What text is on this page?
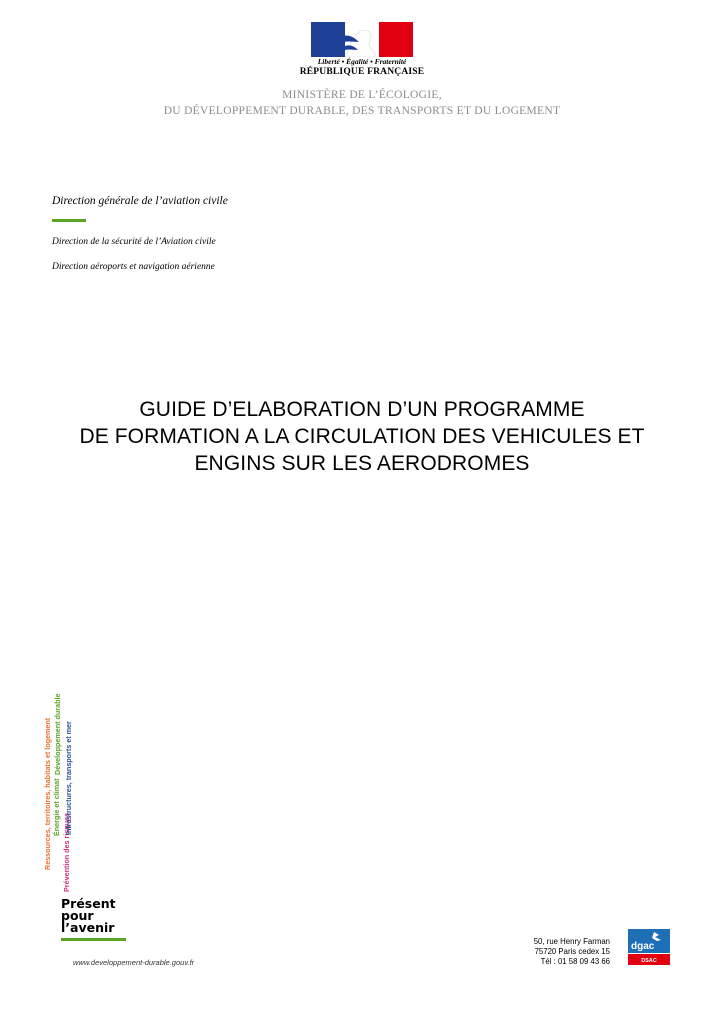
Liberté • Égalité • Fraternité
RÉPUBLIQUE FRANÇAISE
MINISTÈRE DE L’ÉCOLOGIE,
DU DÉVELOPPEMENT DURABLE, DES TRANSPORTS ET DU LOGEMENT
Direction générale de l’aviation civile
Direction de la sécurité de l’Aviation civile
Direction aéroports et navigation aérienne
GUIDE D’ELABORATION D’UN PROGRAMME
DE FORMATION A LA CIRCULATION DES VEHICULES ET
ENGINS SUR LES AERODROMES
Ressources, territoires, habitats et logement Énergie et climat
Développement durable
Prévention des risques
Infrastructures, transports et mer
Présent
pour
l’avenir
www.developpement-durable.gouv.fr
50, rue Henry Farman
75720 Paris cedex 15
Tél : 01 58 09 43 66
dgac
DSAC
